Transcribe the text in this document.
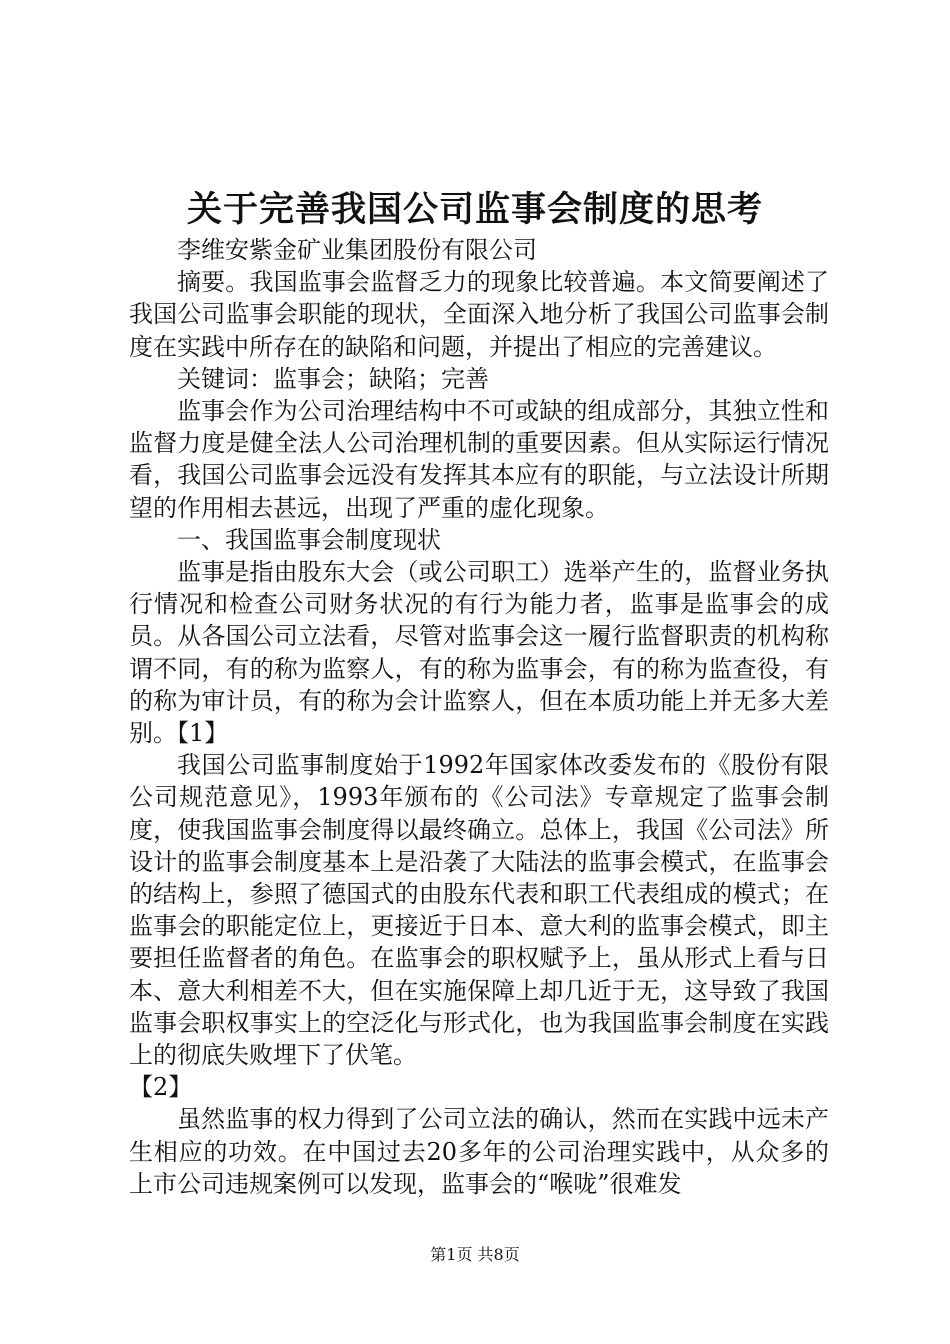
关于完善我国公司监事会制度的思考

李维安紫金矿业集团股份有限公司

摘要。我国监事会监督乏力的现象比较普遍。本文简要阐述了我国公司监事会职能的现状，全面深入地分析了我国公司监事会制度在实践中所存在的缺陷和问题，并提出了相应的完善建议。

关键词：监事会；缺陷；完善

监事会作为公司治理结构中不可或缺的组成部分，其独立性和监督力度是健全法人公司治理机制的重要因素。但从实际运行情况看，我国公司监事会远没有发挥其本应有的职能，与立法设计所期望的作用相去甚远，出现了严重的虚化现象。

一、我国监事会制度现状

监事是指由股东大会（或公司职工）选举产生的，监督业务执行情况和检查公司财务状况的有行为能力者，监事是监事会的成员。从各国公司立法看，尽管对监事会这一履行监督职责的机构称谓不同，有的称为监察人，有的称为监事会，有的称为监查役，有的称为审计员，有的称为会计监察人，但在本质功能上并无多大差别。【1】

我国公司监事制度始于1992年国家体改委发布的《股份有限公司规范意见》，1993年颁布的《公司法》专章规定了监事会制度，使我国监事会制度得以最终确立。总体上，我国《公司法》所设计的监事会制度基本上是沿袭了大陆法的监事会模式，在监事会的结构上，参照了德国式的由股东代表和职工代表组成的模式；在监事会的职能定位上，更接近于日本、意大利的监事会模式，即主要担任监督者的角色。在监事会的职权赋予上，虽从形式上看与日本、意大利相差不大，但在实施保障上却几近于无，这导致了我国监事会职权事实上的空泛化与形式化，也为我国监事会制度在实践上的彻底失败埋下了伏笔。

【2】

虽然监事的权力得到了公司立法的确认，然而在实践中远未产生相应的功效。在中国过去20多年的公司治理实践中，从众多的上市公司违规案例可以发现，监事会的“喉咙”很难发

第1页 共8页
